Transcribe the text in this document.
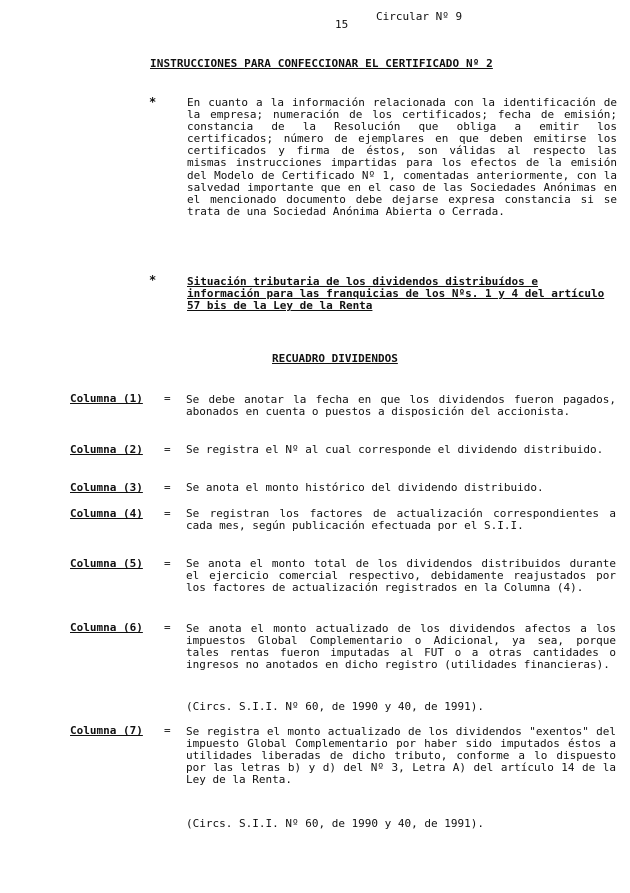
15
Circular Nº 9
INSTRUCCIONES PARA CONFECCIONAR EL CERTIFICADO Nº 2
*	En cuanto a la información relacionada con la identificación de la empresa; numeración de los certificados; fecha de emisión; constancia de la Resolución que obliga a emitir los certificados; número de ejemplares en que deben emitirse los certificados y firma de éstos, son válidas al respecto las mismas instrucciones impartidas para los efectos de la emisión del Modelo de Certificado Nº 1, comentadas anteriormente, con la salvedad importante que en el caso de las Sociedades Anónimas en el mencionado documento debe dejarse expresa constancia si se trata de una Sociedad Anónima Abierta o Cerrada.
*	Situación tributaria de los dividendos distribuídos e información para las franquicias de los Nºs. 1 y 4 del artículo 57 bis de la Ley de la Renta
RECUADRO DIVIDENDOS
Columna (1) = Se debe anotar la fecha en que los dividendos fueron pagados, abonados en cuenta o puestos a disposición del accionista.
Columna (2) = Se registra el Nº al cual corresponde el dividendo distribuido.
Columna (3) = Se anota el monto histórico del dividendo distribuido.
Columna (4) = Se registran los factores de actualización correspondientes a cada mes, según publicación efectuada por el S.I.I.
Columna (5) = Se anota el monto total de los dividendos distribuidos durante el ejercicio comercial respectivo, debidamente reajustados por los factores de actualización registrados en la Columna (4).
Columna (6) = Se anota el monto actualizado de los dividendos afectos a los impuestos Global Complementario o Adicional, ya sea, porque tales rentas fueron imputadas al FUT o a otras cantidades o ingresos no anotados en dicho registro (utilidades financieras).
(Circs. S.I.I. Nº 60, de 1990 y 40, de 1991).
Columna (7) = Se registra el monto actualizado de los dividendos "exentos" del impuesto Global Complementario por haber sido imputados éstos a utilidades liberadas de dicho tributo, conforme a lo dispuesto por las letras b) y d) del Nº 3, Letra A) del artículo 14 de la Ley de la Renta.
(Circs. S.I.I. Nº 60, de 1990 y 40, de 1991).
